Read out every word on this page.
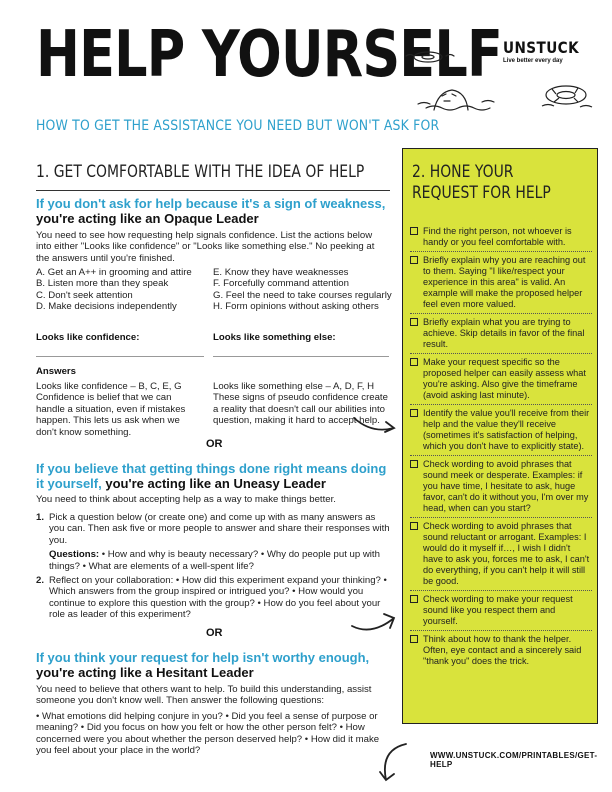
HELP YOURSELF
HOW TO GET THE ASSISTANCE YOU NEED BUT WON'T ASK FOR
UNSTUCK
Live better every day
1. GET COMFORTABLE WITH THE IDEA OF HELP
If you don't ask for help because it's a sign of weakness,
you're acting like an Opaque Leader
You need to see how requesting help signals confidence. List the actions below into either "Looks like confidence" or "Looks like something else." No peeking at the answers until you're finished.
A. Get an A++ in grooming and attire
B. Listen more than they speak
C. Don't seek attention
D. Make decisions independently
E. Know they have weaknesses
F. Forcefully command attention
G. Feel the need to take courses regularly
H. Form opinions without asking others
Looks like confidence:	Looks like something else:
Answers
Looks like confidence – B, C, E, G Confidence is belief that we can handle a situation, even if mistakes happen. This lets us ask when we don't know something.
Looks like something else – A, D, F, H These signs of pseudo confidence create a reality that doesn't call our abilities into question, making it hard to accept help.
OR
If you believe that getting things done right means doing it yourself, you're acting like an Uneasy Leader
You need to think about accepting help as a way to make things better.
1. Pick a question below (or create one) and come up with as many answers as you can. Then ask five or more people to answer and share their responses with you.
Questions: • How and why is beauty necessary? • Why do people put up with things? • What are elements of a well-spent life?
2. Reflect on your collaboration: • How did this experiment expand your thinking? • Which answers from the group inspired or intrigued you? • How would you continue to explore this question with the group? • How do you feel about your role as leader of this experiment?
OR
If you think your request for help isn't worthy enough,
you're acting like a Hesitant Leader
You need to believe that others want to help. To build this understanding, assist someone you don't know well. Then answer the following questions:
• What emotions did helping conjure in you? • Did you feel a sense of purpose or meaning? • Did you focus on how you felt or how the other person felt? • How concerned were you about whether the person deserved help? • How did it make you feel about your place in the world?
2. HONE YOUR REQUEST FOR HELP
Find the right person, not whoever is handy or you feel comfortable with.
Briefly explain why you are reaching out to them. Saying "I like/respect your experience in this area" is valid. An example will make the proposed helper feel even more valued.
Briefly explain what you are trying to achieve. Skip details in favor of the final result.
Make your request specific so the proposed helper can easily assess what you're asking. Also give the timeframe (avoid asking last minute).
Identify the value you'll receive from their help and the value they'll receive (sometimes it's satisfaction of helping, which you don't have to explicitly state).
Check wording to avoid phrases that sound meek or desperate. Examples: if you have time, I hesitate to ask, huge favor, can't do it without you, I'm over my head, when can you start?
Check wording to avoid phrases that sound reluctant or arrogant. Examples: I would do it myself if…, I wish I didn't have to ask you, forces me to ask, I can't do everything, if you can't help it will still be good.
Check wording to make your request sound like you respect them and yourself.
Think about how to thank the helper. Often, eye contact and a sincerely said "thank you" does the trick.
WWW.UNSTUCK.COM/PRINTABLES/GET-HELP
